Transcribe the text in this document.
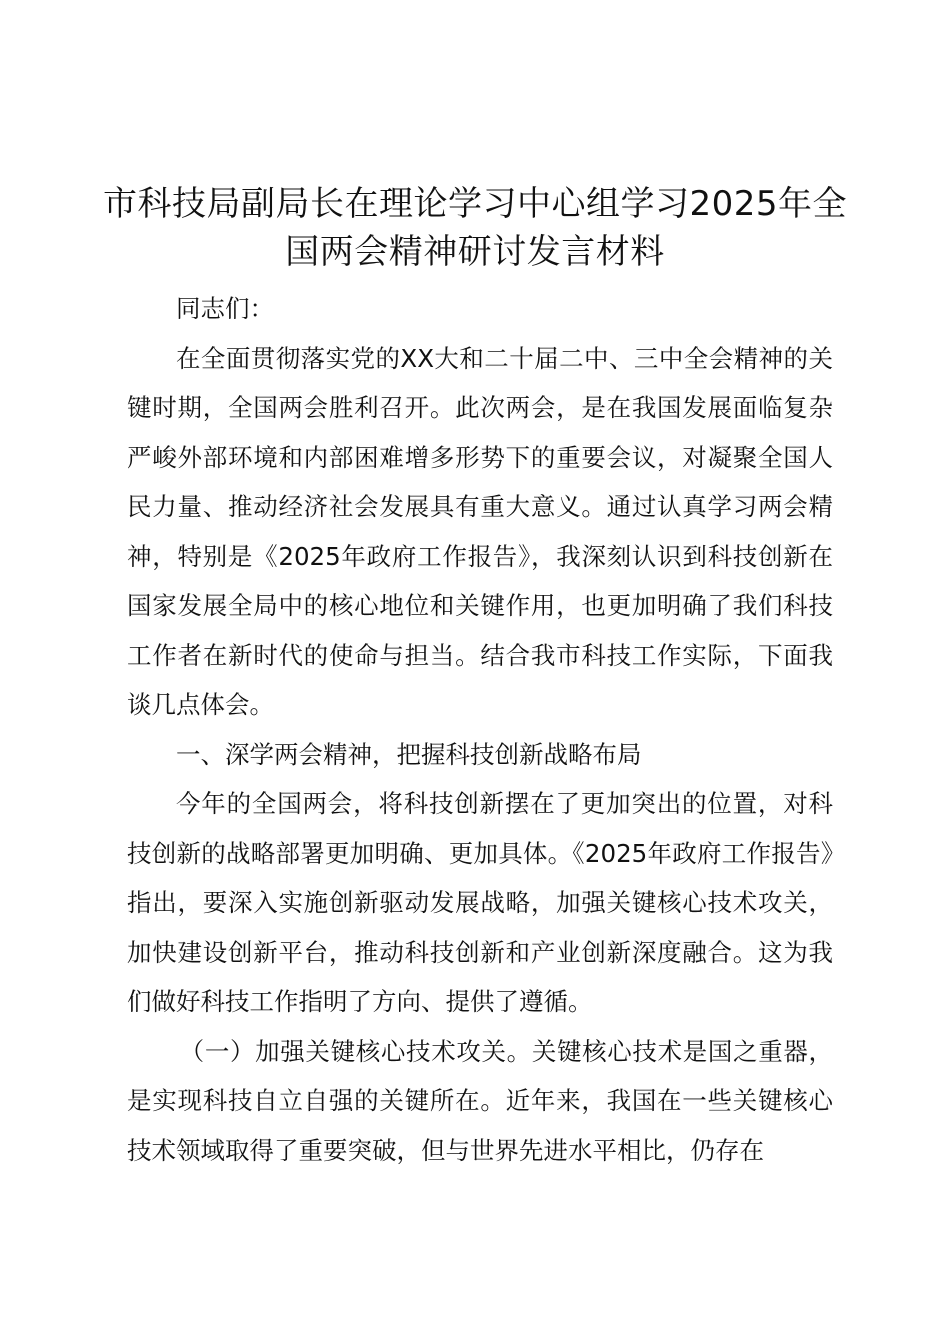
市科技局副局长在理论学习中心组学习2025年全国两会精神研讨发言材料

同志们：

在全面贯彻落实党的XX大和二十届二中、三中全会精神的关键时期，全国两会胜利召开。此次两会，是在我国发展面临复杂严峻外部环境和内部困难增多形势下的重要会议，对凝聚全国人民力量、推动经济社会发展具有重大意义。通过认真学习两会精神，特别是《2025年政府工作报告》，我深刻认识到科技创新在国家发展全局中的核心地位和关键作用，也更加明确了我们科技工作者在新时代的使命与担当。结合我市科技工作实际，下面我谈几点体会。

一、深学两会精神，把握科技创新战略布局

今年的全国两会，将科技创新摆在了更加突出的位置，对科技创新的战略部署更加明确、更加具体。《2025年政府工作报告》指出，要深入实施创新驱动发展战略，加强关键核心技术攻关，加快建设创新平台，推动科技创新和产业创新深度融合。这为我们做好科技工作指明了方向、提供了遵循。

（一）加强关键核心技术攻关。关键核心技术是国之重器，是实现科技自立自强的关键所在。近年来，我国在一些关键核心技术领域取得了重要突破，但与世界先进水平相比，仍存在
